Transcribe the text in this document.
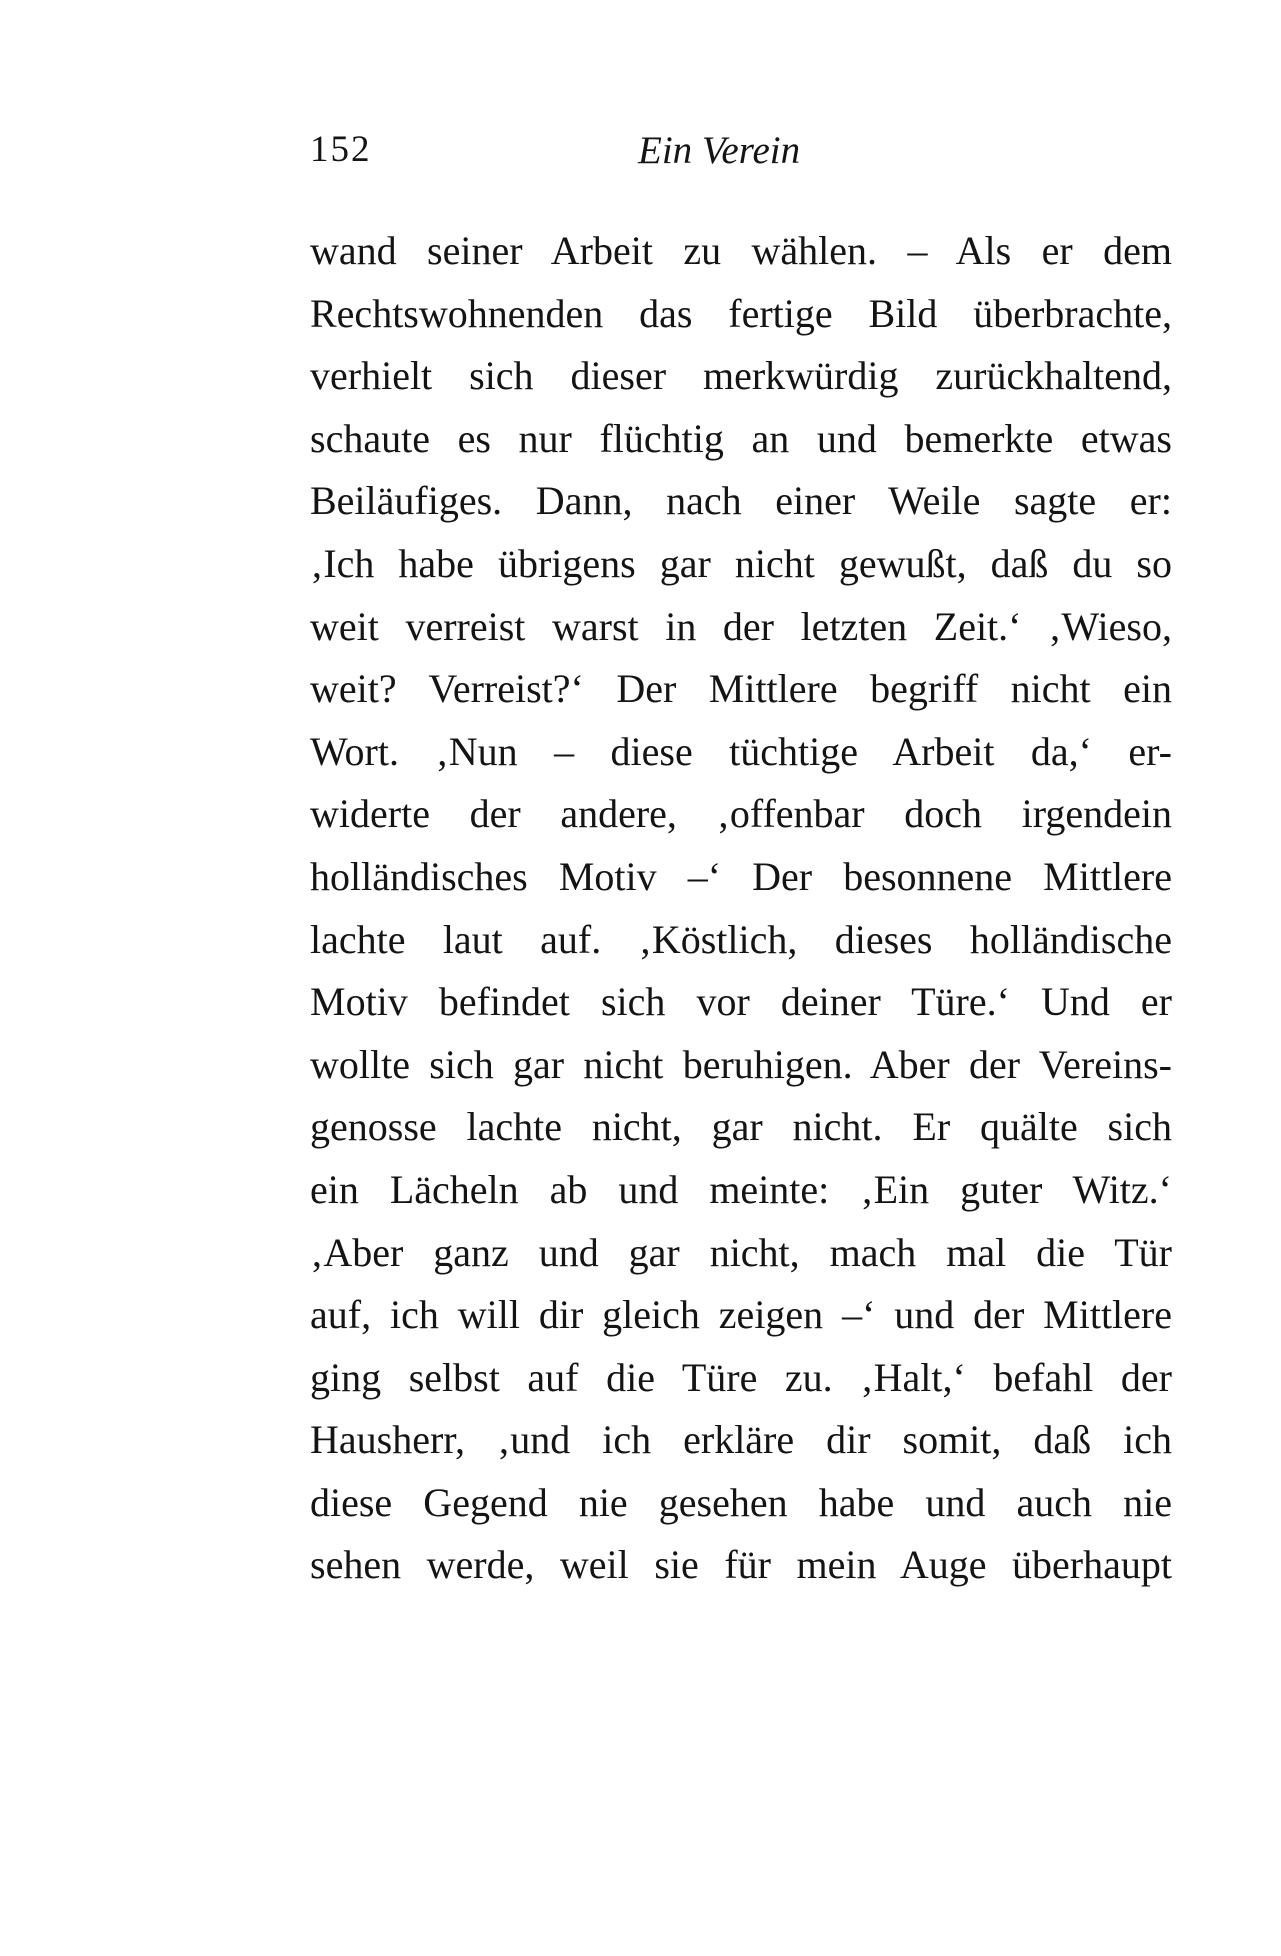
152	Ein Verein
wand seiner Arbeit zu wählen. – Als er dem
Rechtswohnenden das fertige Bild überbrachte,
verhielt sich dieser merkwürdig zurückhaltend,
schaute es nur flüchtig an und bemerkte etwas
Beiläufiges. Dann, nach einer Weile sagte er:
‚Ich habe übrigens gar nicht gewußt, daß du so
weit verreist warst in der letzten Zeit.‘ ‚Wieso,
weit? Verreist?‘ Der Mittlere begriff nicht ein
Wort. ‚Nun – diese tüchtige Arbeit da,‘ er-
widerte der andere, ‚offenbar doch irgendein
holländisches Motiv –‘ Der besonnene Mittlere
lachte laut auf. ‚Köstlich, dieses holländische
Motiv befindet sich vor deiner Türe.‘ Und er
wollte sich gar nicht beruhigen. Aber der Vereins-
genosse lachte nicht, gar nicht. Er quälte sich
ein Lächeln ab und meinte: ‚Ein guter Witz.‘
‚Aber ganz und gar nicht, mach mal die Tür
auf, ich will dir gleich zeigen –‘ und der Mittlere
ging selbst auf die Türe zu. ‚Halt,‘ befahl der
Hausherr, ‚und ich erkläre dir somit, daß ich
diese Gegend nie gesehen habe und auch nie
sehen werde, weil sie für mein Auge überhaupt
